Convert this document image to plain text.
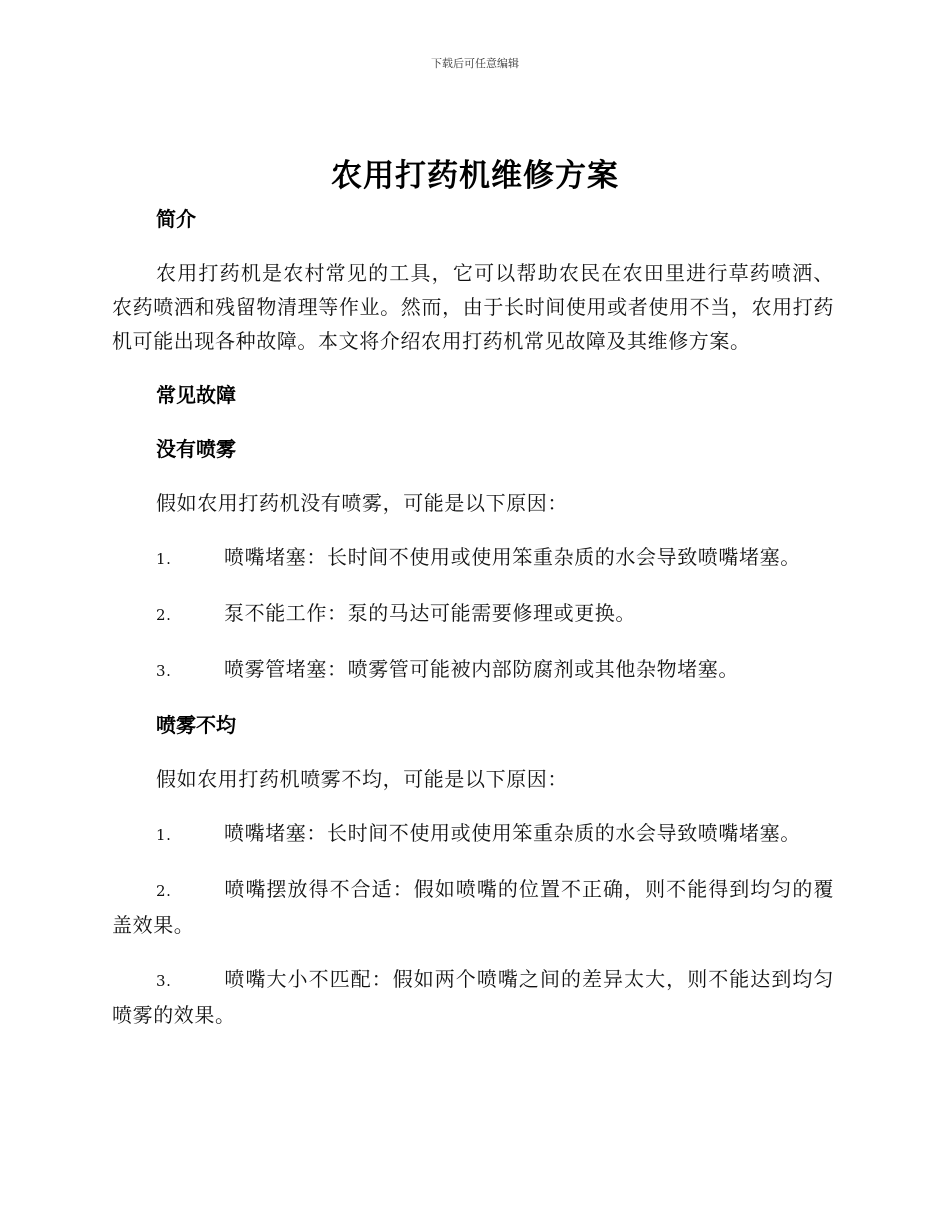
下载后可任意编辑
农用打药机维修方案

简介

农用打药机是农村常见的工具，它可以帮助农民在农田里进行草药喷洒、农药喷洒和残留物清理等作业。然而，由于长时间使用或者使用不当，农用打药机可能出现各种故障。本文将介绍农用打药机常见故障及其维修方案。

常见故障

没有喷雾

假如农用打药机没有喷雾，可能是以下原因：

1.	喷嘴堵塞：长时间不使用或使用笨重杂质的水会导致喷嘴堵塞。
2.	泵不能工作：泵的马达可能需要修理或更换。
3.	喷雾管堵塞：喷雾管可能被内部防腐剂或其他杂物堵塞。

喷雾不均

假如农用打药机喷雾不均，可能是以下原因：

1.	喷嘴堵塞：长时间不使用或使用笨重杂质的水会导致喷嘴堵塞。
2.	喷嘴摆放得不合适：假如喷嘴的位置不正确，则不能得到均匀的覆盖效果。
3.	喷嘴大小不匹配：假如两个喷嘴之间的差异太大，则不能达到均匀喷雾的效果。
